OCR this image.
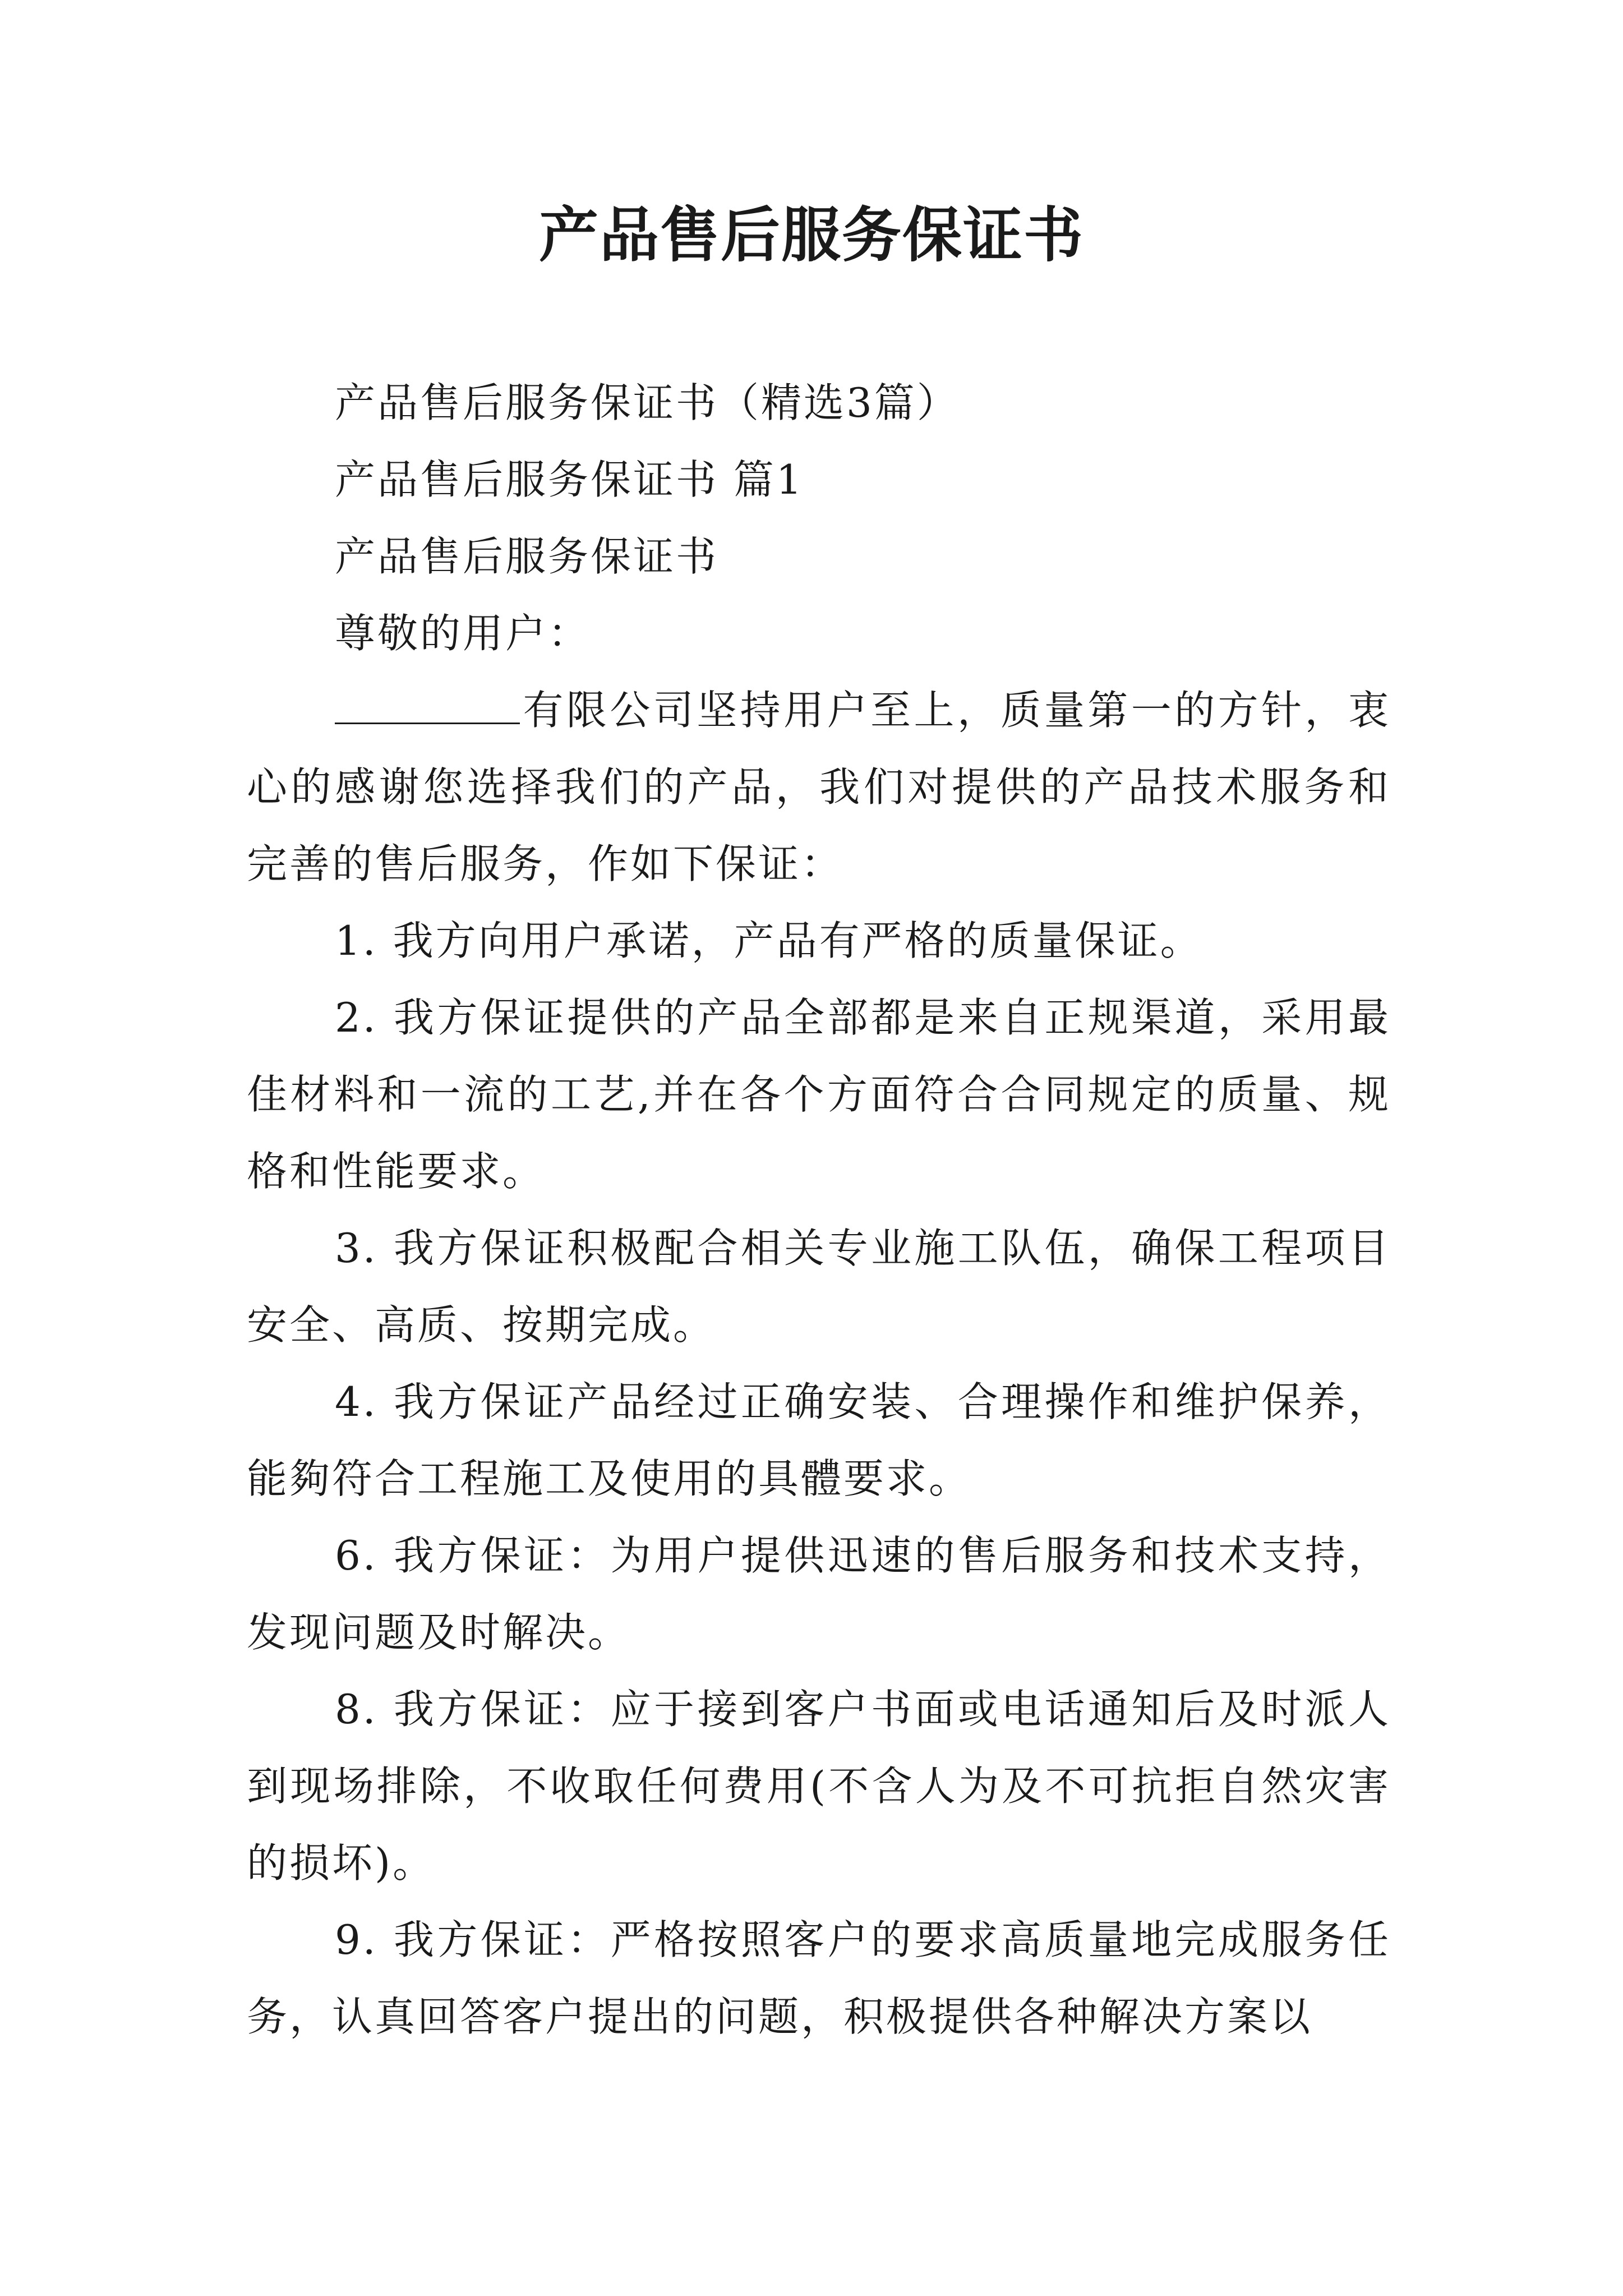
产品售后服务保证书

产品售后服务保证书（精选3篇）

产品售后服务保证书 篇1

产品售后服务保证书

尊敬的用户：

有限公司坚持用户至上，质量第一的方针，衷心的感谢您选择我们的产品，我们对提供的产品技术服务和完善的售后服务，作如下保证：

1. 我方向用户承诺，产品有严格的质量保证。

2. 我方保证提供的产品全部都是来自正规渠道，采用最佳材料和一流的工艺,并在各个方面符合合同规定的质量、规格和性能要求。

3. 我方保证积极配合相关专业施工队伍，确保工程项目安全、高质、按期完成。

4. 我方保证产品经过正确安装、合理操作和维护保养，能夠符合工程施工及使用的具體要求。

6. 我方保证：为用户提供迅速的售后服务和技术支持，发现问题及时解决。

8. 我方保证：应于接到客户书面或电话通知后及时派人到现场排除，不收取任何费用(不含人为及不可抗拒自然灾害的损坏)。

9. 我方保证：严格按照客户的要求高质量地完成服务任务，认真回答客户提出的问题，积极提供各种解决方案以
